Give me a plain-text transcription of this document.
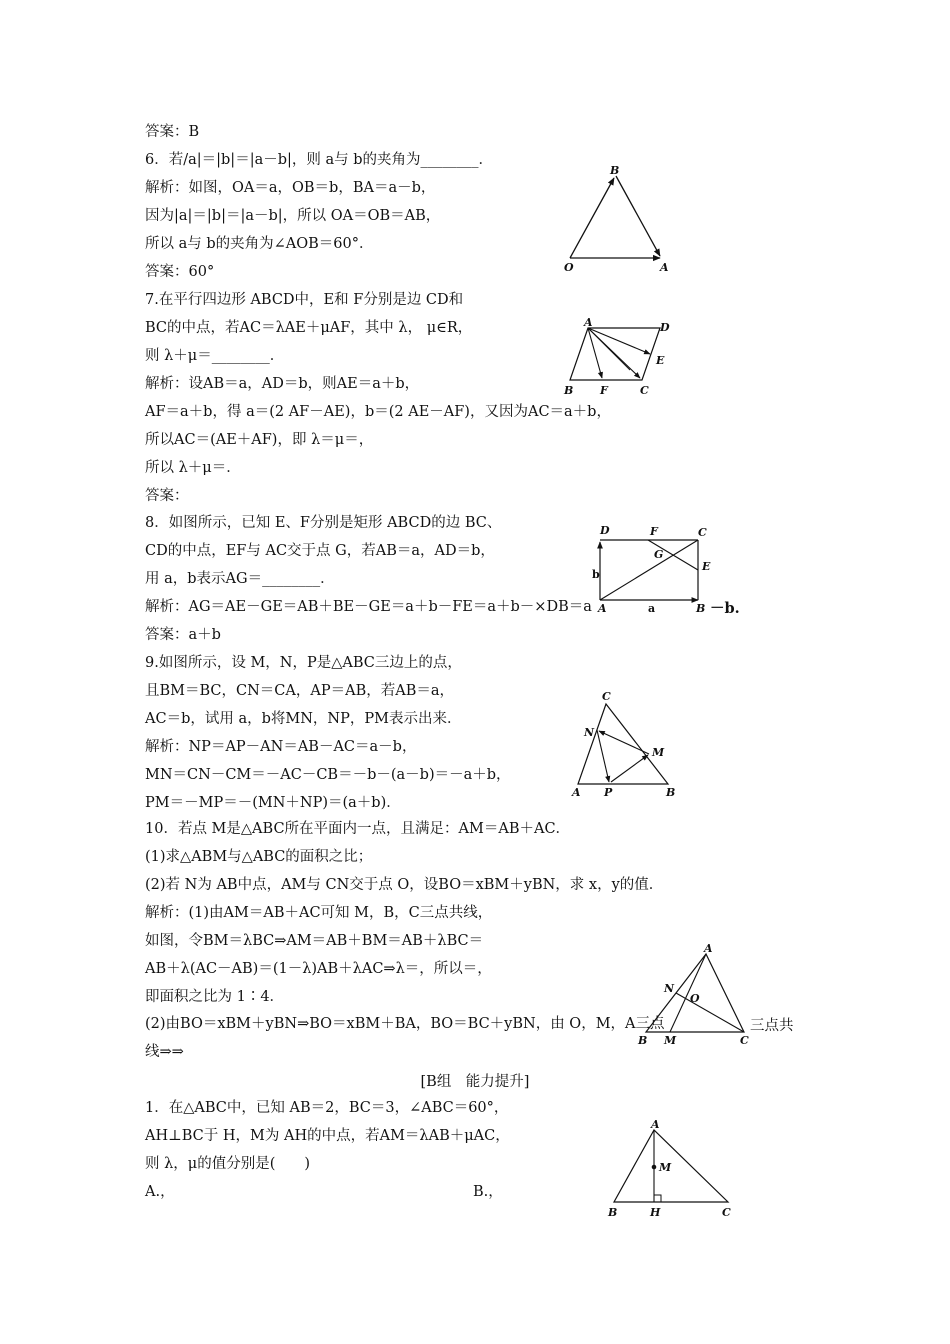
答案：B
6．若/a|＝|b|＝|a－b|，则 a与 b的夹角为________．
解析：如图，OA＝a，OB＝b，BA＝a－b，
因为|a|＝|b|＝|a－b|，所以 OA＝OB＝AB，
所以 a与 b的夹角为∠AOB＝60°．
答案：60°
7.在平行四边形 ABCD中，E和 F分别是边 CD和
BC的中点，若AC＝λAE＋μAF，其中 λ， μ∈R，
则 λ＋μ＝________．
解析：设AB＝a，AD＝b，则AE＝a＋b，
AF＝a＋b，得 a＝(2 AF－AE)，b＝(2 AE－AF)，又因为AC＝a＋b，
所以AC＝(AE＋AF)，即 λ＝μ＝，
所以 λ＋μ＝．
答案：
8．如图所示，已知 E、F分别是矩形 ABCD的边 BC、
CD的中点，EF与 AC交于点 G，若AB＝a，AD＝b，
用 a，b表示AG＝________．
解析：AG＝AE－GE＝AB＋BE－GE＝a＋b－FE＝a＋b－×DB＝a
答案：a＋b
9.如图所示，设 M，N，P是△ABC三边上的点，
且BM＝BC，CN＝CA，AP＝AB，若AB＝a，
AC＝b，试用 a，b将MN，NP，PM表示出来．
解析：NP＝AP－AN＝AB－AC＝a－b，
MN＝CN－CM＝－AC－CB＝－b－(a－b)＝－a＋b，
PM＝－MP＝－(MN＋NP)＝(a＋b)．
10．若点 M是△ABC所在平面内一点，且满足：AM＝AB＋AC．
(1)求△ABM与△ABC的面积之比；
(2)若 N为 AB中点，AM与 CN交于点 O，设BO＝xBM＋yBN，求 x，y的值．
解析：(1)由AM＝AB＋AC可知 M，B，C三点共线，
如图，令BM＝λBC⇒AM＝AB＋BM＝AB＋λBC＝
AB＋λ(AC－AB)＝(1－λ)AB＋λAC⇒λ＝，所以＝，
即面积之比为 1∶4．
(2)由BO＝xBM＋yBN⇒BO＝xBM＋BA，BO＝BC＋yBN，由 O，M，A三点
线⇒⇒
－b.
三点共
[B组　能力提升]
1．在△ABC中，已知 AB＝2，BC＝3，∠ABC＝60°，
AH⊥BC于 H，M为 AH的中点，若AM＝λAB＋μAC，
则 λ，μ的值分别是(　　)
A.，	B.，
B
O	A
A	D
E
B F	C
D	F	C
G
E
b
A	a	B
C
N
M
A P	B
A
N
O
B M	C
A
M
B	H	C
